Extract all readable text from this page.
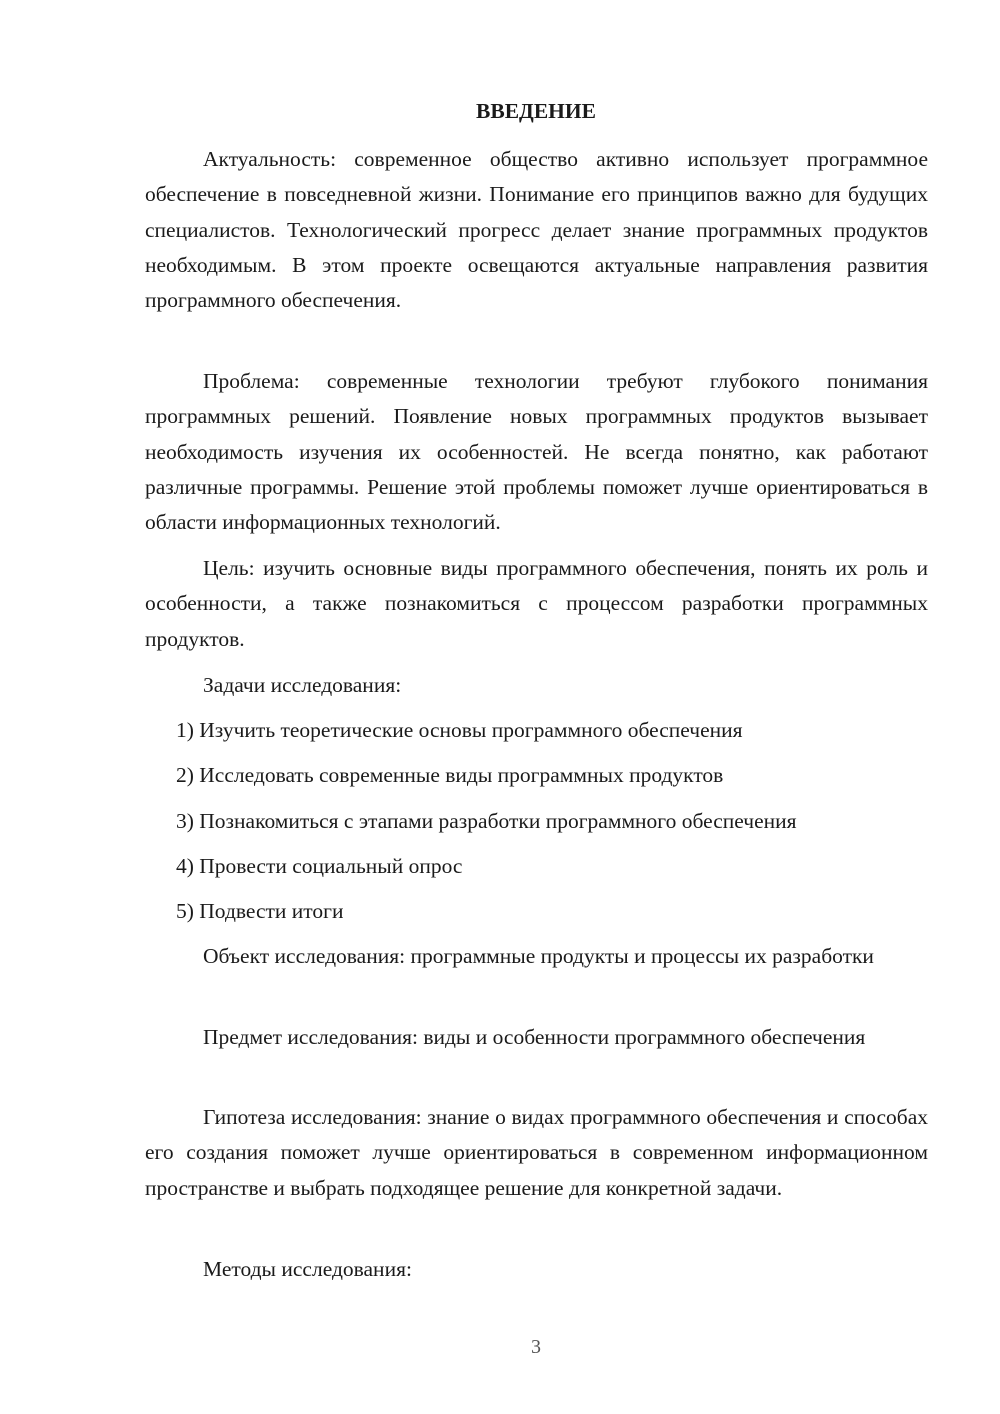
ВВЕДЕНИЕ

Актуальность: современное общество активно использует программное обеспечение в повседневной жизни. Понимание его принципов важно для будущих специалистов. Технологический прогресс делает знание программных продуктов необходимым. В этом проекте освещаются актуальные направления развития программного обеспечения.

Проблема: современные технологии требуют глубокого понимания программных решений. Появление новых программных продуктов вызывает необходимость изучения их особенностей. Не всегда понятно, как работают различные программы. Решение этой проблемы поможет лучше ориентироваться в области информационных технологий.

Цель: изучить основные виды программного обеспечения, понять их роль и особенности, а также познакомиться с процессом разработки программных продуктов.

Задачи исследования:
1) Изучить теоретические основы программного обеспечения
2) Исследовать современные виды программных продуктов
3) Познакомиться с этапами разработки программного обеспечения
4) Провести социальный опрос
5) Подвести итоги

Объект исследования: программные продукты и процессы их разработки

Предмет исследования: виды и особенности программного обеспечения

Гипотеза исследования: знание о видах программного обеспечения и способах его создания поможет лучше ориентироваться в современном информационном пространстве и выбрать подходящее решение для конкретной задачи.

Методы исследования:
3
